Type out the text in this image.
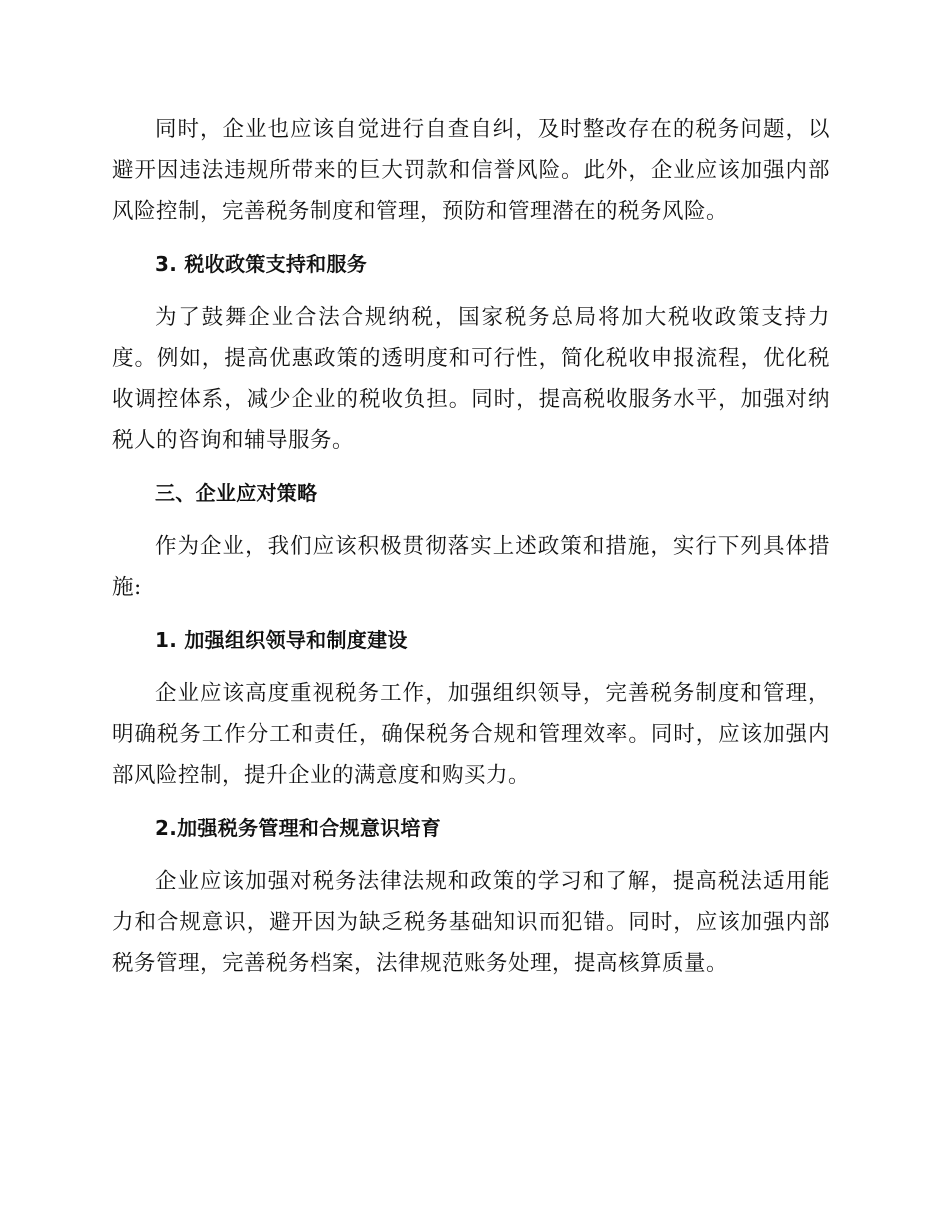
同时，企业也应该自觉进行自查自纠，及时整改存在的税务问题，以避开因违法违规所带来的巨大罚款和信誉风险。此外，企业应该加强内部风险控制，完善税务制度和管理，预防和管理潜在的税务风险。

3. 税收政策支持和服务

为了鼓舞企业合法合规纳税，国家税务总局将加大税收政策支持力度。例如，提高优惠政策的透明度和可行性，简化税收申报流程，优化税收调控体系，减少企业的税收负担。同时，提高税收服务水平，加强对纳税人的咨询和辅导服务。

三、企业应对策略

作为企业，我们应该积极贯彻落实上述政策和措施，实行下列具体措施:

1. 加强组织领导和制度建设

企业应该高度重视税务工作，加强组织领导，完善税务制度和管理，明确税务工作分工和责任，确保税务合规和管理效率。同时，应该加强内部风险控制，提升企业的满意度和购买力。

2.加强税务管理和合规意识培育

企业应该加强对税务法律法规和政策的学习和了解，提高税法适用能力和合规意识，避开因为缺乏税务基础知识而犯错。同时，应该加强内部税务管理，完善税务档案，法律规范账务处理，提高核算质量。
